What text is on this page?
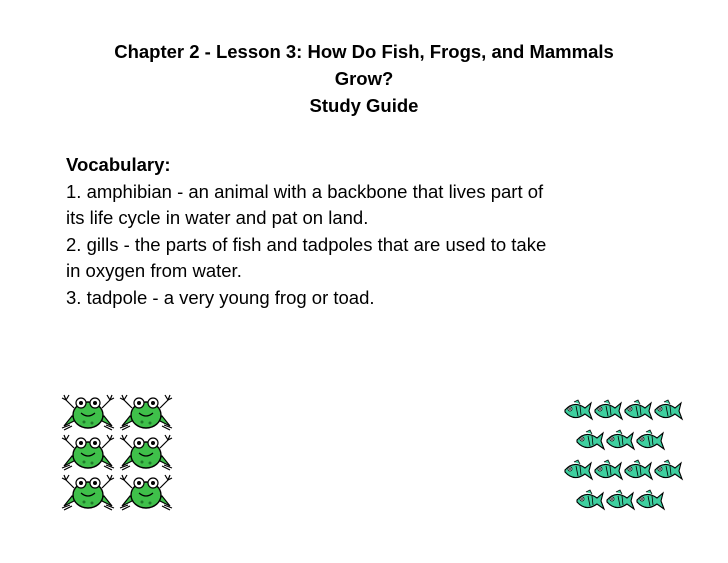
Chapter 2 - Lesson 3: How Do Fish, Frogs, and Mammals
Grow?
Study Guide
Vocabulary:
1. amphibian - an animal with a backbone that lives part of
its life cycle in water and pat on land.
2. gills - the parts of fish and tadpoles that are used to take
in oxygen from water.
3. tadpole - a very young frog or toad.
